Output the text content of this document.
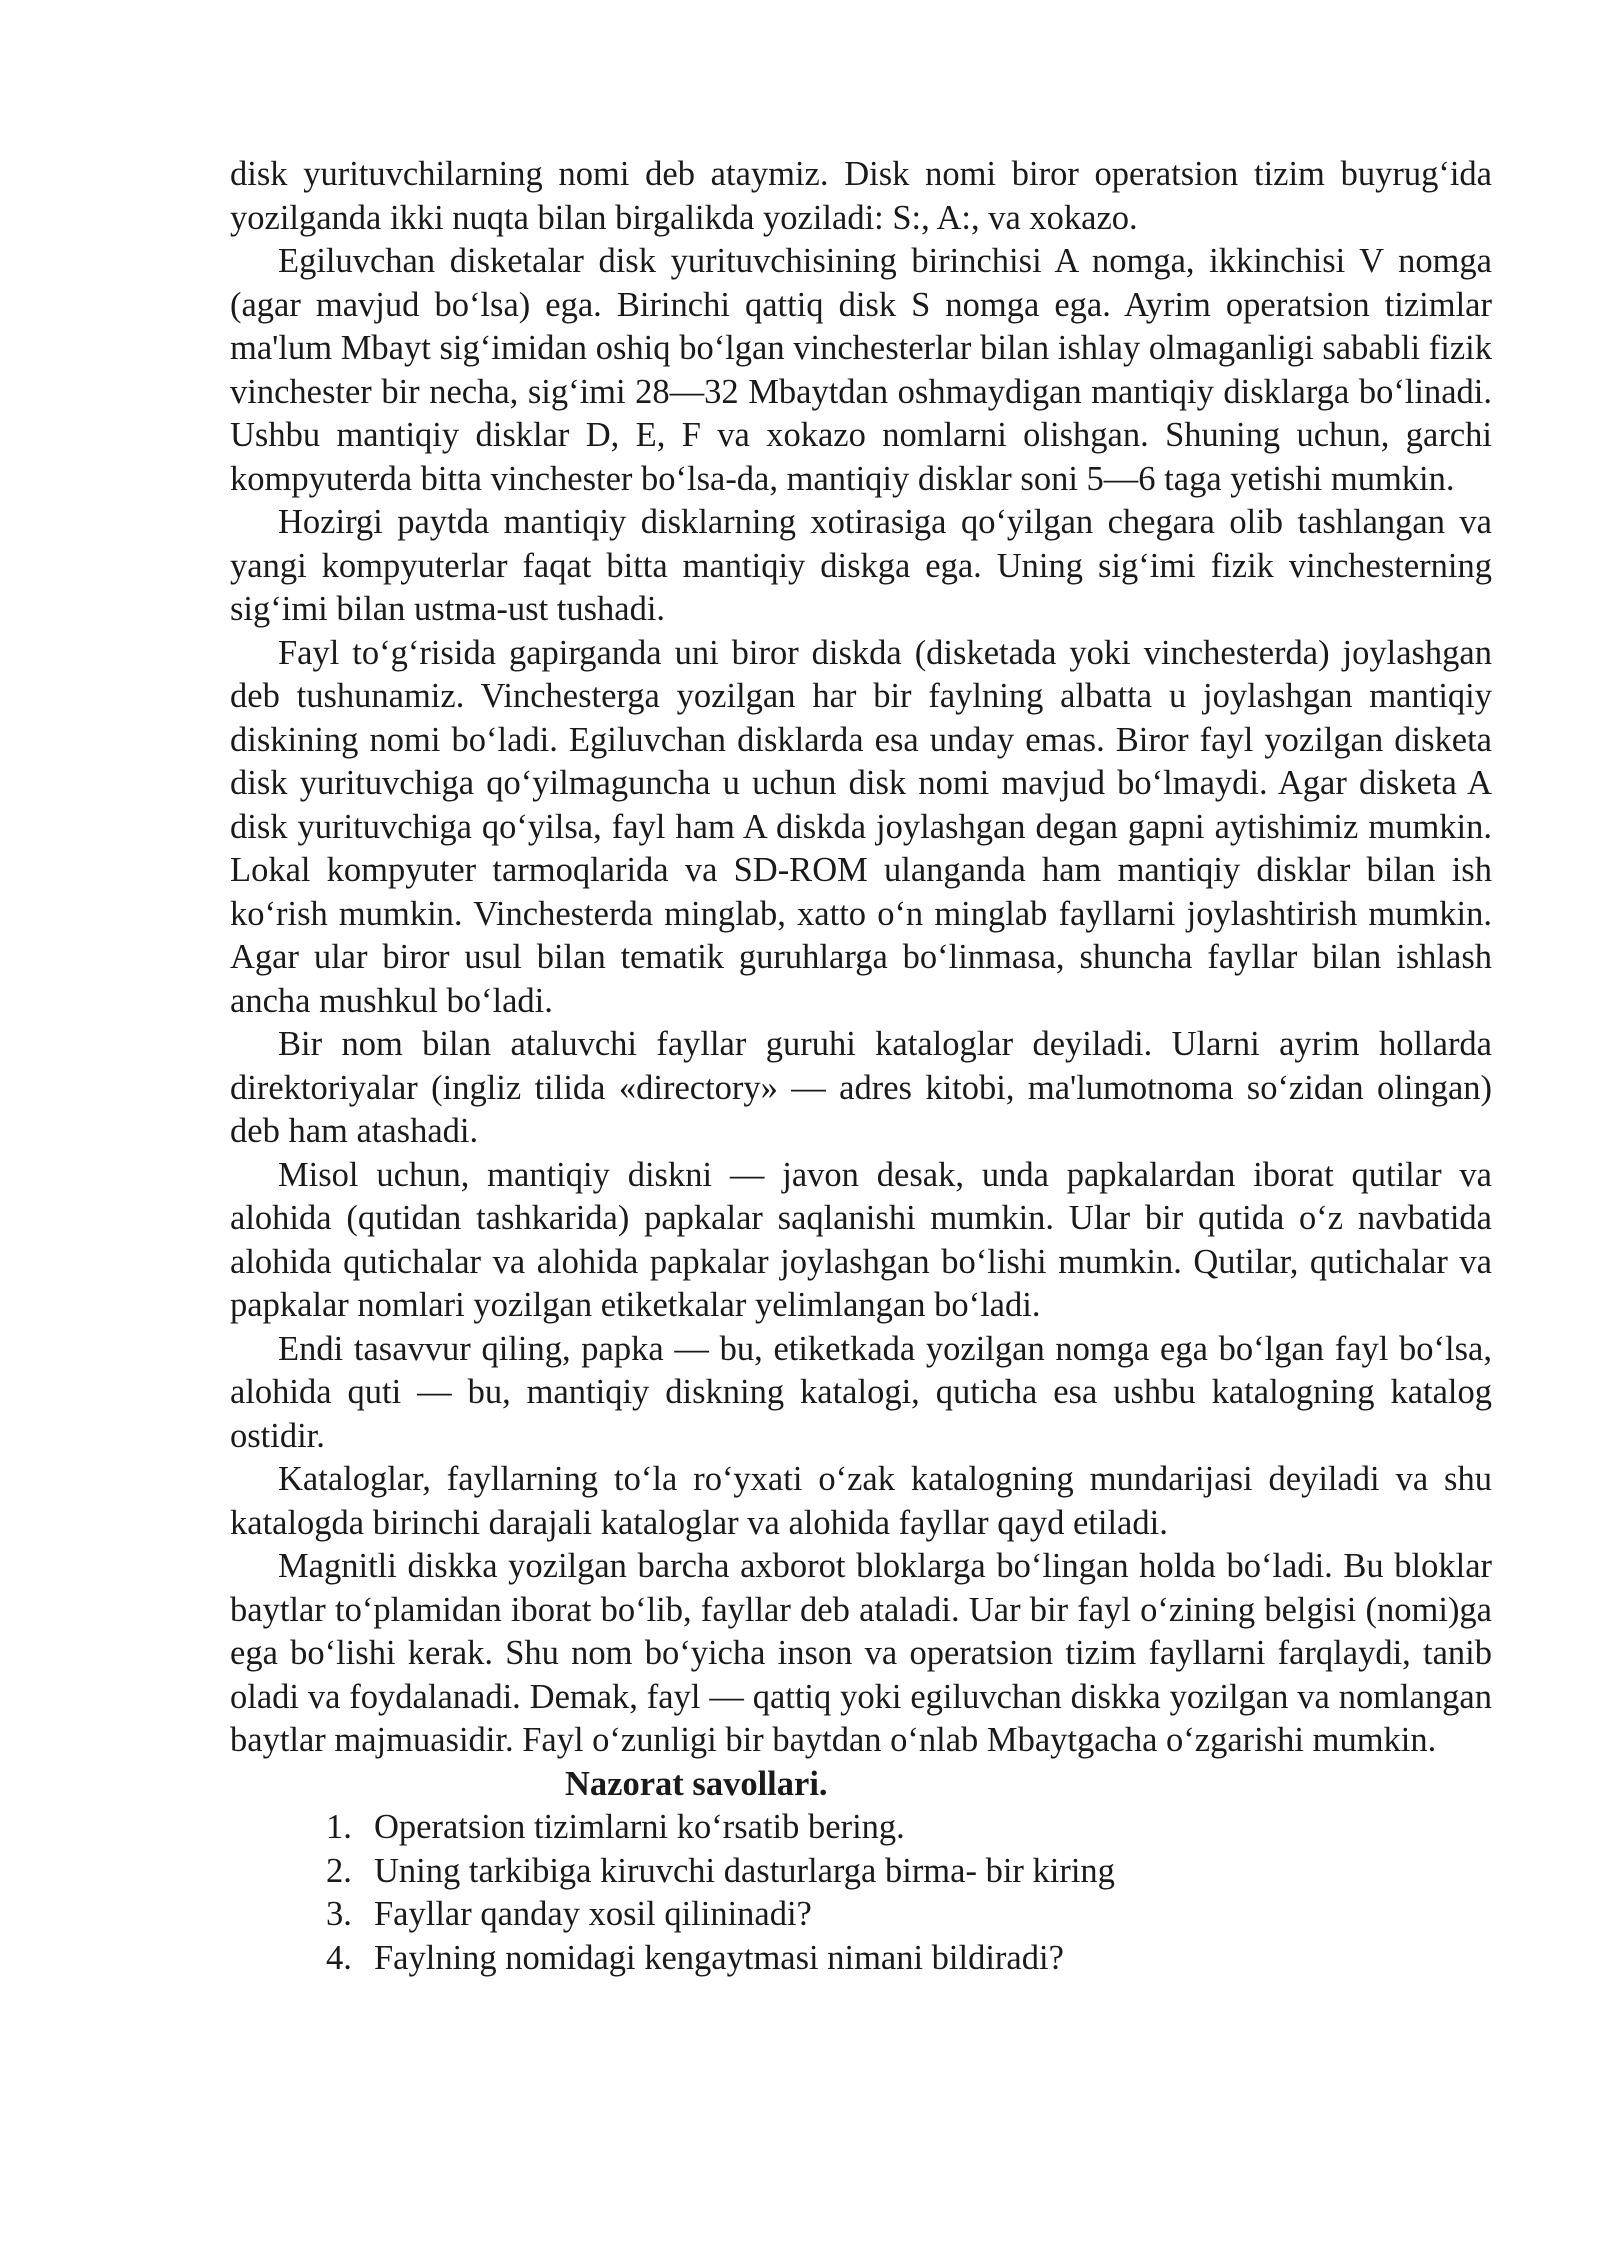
disk yurituvchilarning nomi deb ataymiz. Disk nomi biror operatsion tizim buyrug‘ida yozilganda ikki nuqta bilan birgalikda yoziladi: S:, A:, va xokazo.

Egiluvchan disketalar disk yurituvchisining birinchisi A nomga, ikkinchisi V nomga (agar mavjud bo‘lsa) ega. Birinchi qattiq disk S nomga ega. Ayrim operatsion tizimlar ma'lum Mbayt sig‘imidan oshiq bo‘lgan vinchesterlar bilan ishlay olmaganligi sababli fizik vinchester bir necha, sig‘imi 28—32 Mbaytdan oshmaydigan mantiqiy disklarga bo‘linadi. Ushbu mantiqiy disklar D, E, F va xokazo nomlarni olishgan. Shuning uchun, garchi kompyuterda bitta vinchester bo‘lsa-da, mantiqiy disklar soni 5—6 taga yetishi mumkin.

Hozirgi paytda mantiqiy disklarning xotirasiga qo‘yilgan chegara olib tashlangan va yangi kompyuterlar faqat bitta mantiqiy diskga ega. Uning sig‘imi fizik vinchesterning sig‘imi bilan ustma-ust tushadi.

Fayl to‘g‘risida gapirganda uni biror diskda (disketada yoki vinchesterda) joylashgan deb tushunamiz. Vinchesterga yozilgan har bir faylning albatta u joylashgan mantiqiy diskining nomi bo‘ladi. Egiluvchan disklarda esa unday emas. Biror fayl yozilgan disketa disk yurituvchiga qo‘yilmaguncha u uchun disk nomi mavjud bo‘lmaydi. Agar disketa A disk yurituvchiga qo‘yilsa, fayl ham A diskda joylashgan degan gapni aytishimiz mumkin. Lokal kompyuter tarmoqlarida va SD-ROM ulanganda ham mantiqiy disklar bilan ish ko‘rish mumkin. Vinchesterda minglab, xatto o‘n minglab fayllarni joylashtirish mumkin. Agar ular biror usul bilan tematik guruhlarga bo‘linmasa, shuncha fayllar bilan ishlash ancha mushkul bo‘ladi.

Bir nom bilan ataluvchi fayllar guruhi kataloglar deyiladi. Ularni ayrim hollarda direktoriyalar (ingliz tilida «directory» — adres kitobi, ma'lumotnoma so‘zidan olingan) deb ham atashadi.

Misol uchun, mantiqiy diskni — javon desak, unda papkalardan iborat qutilar va alohida (qutidan tashkarida) papkalar saqlanishi mumkin. Ular bir qutida o‘z navbatida alohida qutichalar va alohida papkalar joylashgan bo‘lishi mumkin. Qutilar, qutichalar va papkalar nomlari yozilgan etiketkalar yelimlangan bo‘ladi.

Endi tasavvur qiling, papka — bu, etiketkada yozilgan nomga ega bo‘lgan fayl bo‘lsa, alohida quti — bu, mantiqiy diskning katalogi, quticha esa ushbu katalogning katalog ostidir.

Kataloglar, fayllarning to‘la ro‘yxati o‘zak katalogning mundarijasi deyiladi va shu katalogda birinchi darajali kataloglar va alohida fayllar qayd etiladi.

Magnitli diskka yozilgan barcha axborot bloklarga bo‘lingan holda bo‘ladi. Bu bloklar baytlar to‘plamidan iborat bo‘lib, fayllar deb ataladi. Uar bir fayl o‘zining belgisi (nomi)ga ega bo‘lishi kerak. Shu nom bo‘yicha inson va operatsion tizim fayllarni farqlaydi, tanib oladi va foydalanadi. Demak, fayl — qattiq yoki egiluvchan diskka yozilgan va nomlangan baytlar majmuasidir. Fayl o‘zunligi bir baytdan o‘nlab Mbaytgacha o‘zgarishi mumkin.

Nazorat savollari.

1. Operatsion tizimlarni ko‘rsatib bering.
2. Uning tarkibiga kiruvchi dasturlarga birma- bir kiring
3. Fayllar qanday xosil qilininadi?
4. Faylning nomidagi kengaytmasi nimani bildiradi?
